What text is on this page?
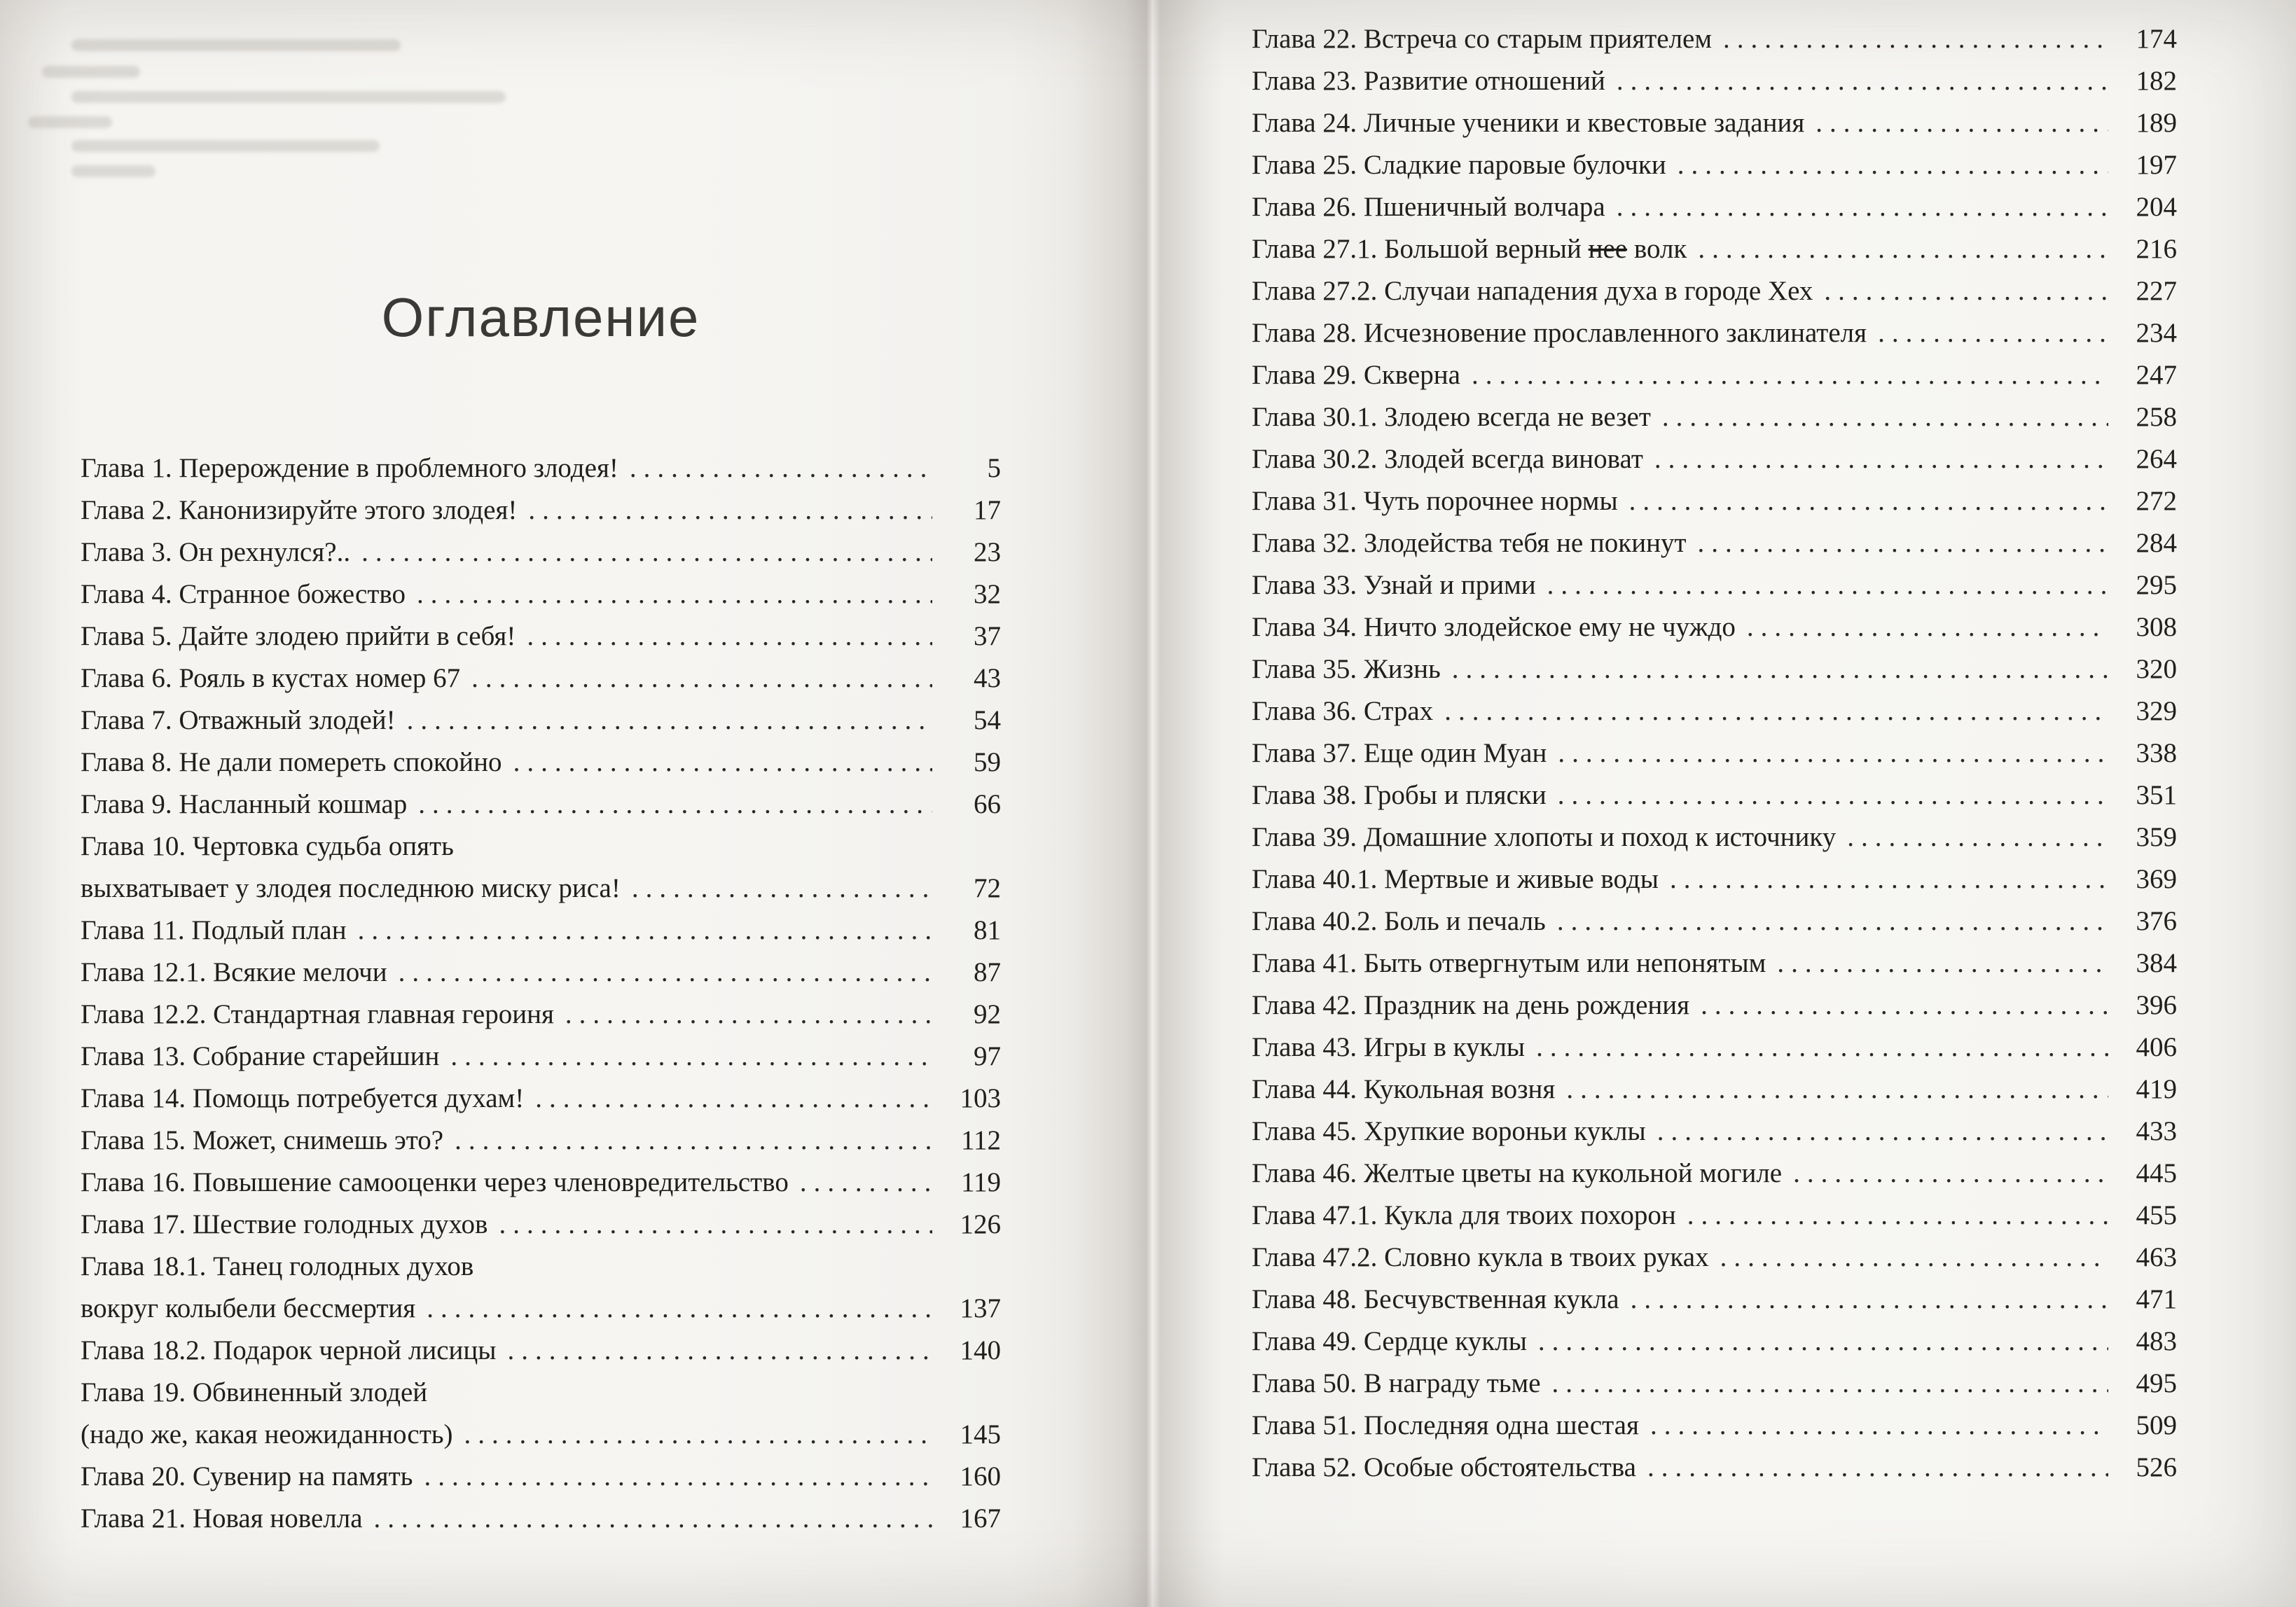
Оглавление
Глава 1. Перерождение в проблемного злодея! .....	5
Глава 2. Канонизируйте этого злодея! .....	17
Глава 3. Он рехнулся?.. .....	23
Глава 4. Странное божество .....	32
Глава 5. Дайте злодею прийти в себя! .....	37
Глава 6. Рояль в кустах номер 67 .....	43
Глава 7. Отважный злодей! .....	54
Глава 8. Не дали помереть спокойно .....	59
Глава 9. Насланный кошмар .....	66
Глава 10. Чертовка судьба опять
выхватывает у злодея последнюю миску риса! .....	72
Глава 11. Подлый план .....	81
Глава 12.1. Всякие мелочи .....	87
Глава 12.2. Стандартная главная героиня .....	92
Глава 13. Собрание старейшин .....	97
Глава 14. Помощь потребуется духам! .....	103
Глава 15. Может, снимешь это? .....	112
Глава 16. Повышение самооценки через членовредительство .....	119
Глава 17. Шествие голодных духов .....	126
Глава 18.1. Танец голодных духов
вокруг колыбели бессмертия .....	137
Глава 18.2. Подарок черной лисицы .....	140
Глава 19. Обвиненный злодей
(надо же, какая неожиданность) .....	145
Глава 20. Сувенир на память .....	160
Глава 21. Новая новелла .....	167
Глава 22. Встреча со старым приятелем .....	174
Глава 23. Развитие отношений .....	182
Глава 24. Личные ученики и квестовые задания .....	189
Глава 25. Сладкие паровые булочки .....	197
Глава 26. Пшеничный волчара .....	204
Глава 27.1. Большой верный нее волк .....	216
Глава 27.2. Случаи нападения духа в городе Хех .....	227
Глава 28. Исчезновение прославленного заклинателя .....	234
Глава 29. Скверна .....	247
Глава 30.1. Злодею всегда не везет .....	258
Глава 30.2. Злодей всегда виноват .....	264
Глава 31. Чуть порочнее нормы .....	272
Глава 32. Злодейства тебя не покинут .....	284
Глава 33. Узнай и прими .....	295
Глава 34. Ничто злодейское ему не чуждо .....	308
Глава 35. Жизнь .....	320
Глава 36. Страх .....	329
Глава 37. Еще один Муан .....	338
Глава 38. Гробы и пляски .....	351
Глава 39. Домашние хлопоты и поход к источнику .....	359
Глава 40.1. Мертвые и живые воды .....	369
Глава 40.2. Боль и печаль .....	376
Глава 41. Быть отвергнутым или непонятым .....	384
Глава 42. Праздник на день рождения .....	396
Глава 43. Игры в куклы .....	406
Глава 44. Кукольная возня .....	419
Глава 45. Хрупкие вороньи куклы .....	433
Глава 46. Желтые цветы на кукольной могиле .....	445
Глава 47.1. Кукла для твоих похорон .....	455
Глава 47.2. Словно кукла в твоих руках .....	463
Глава 48. Бесчувственная кукла .....	471
Глава 49. Сердце куклы .....	483
Глава 50. В награду тьме .....	495
Глава 51. Последняя одна шестая .....	509
Глава 52. Особые обстоятельства .....	526
